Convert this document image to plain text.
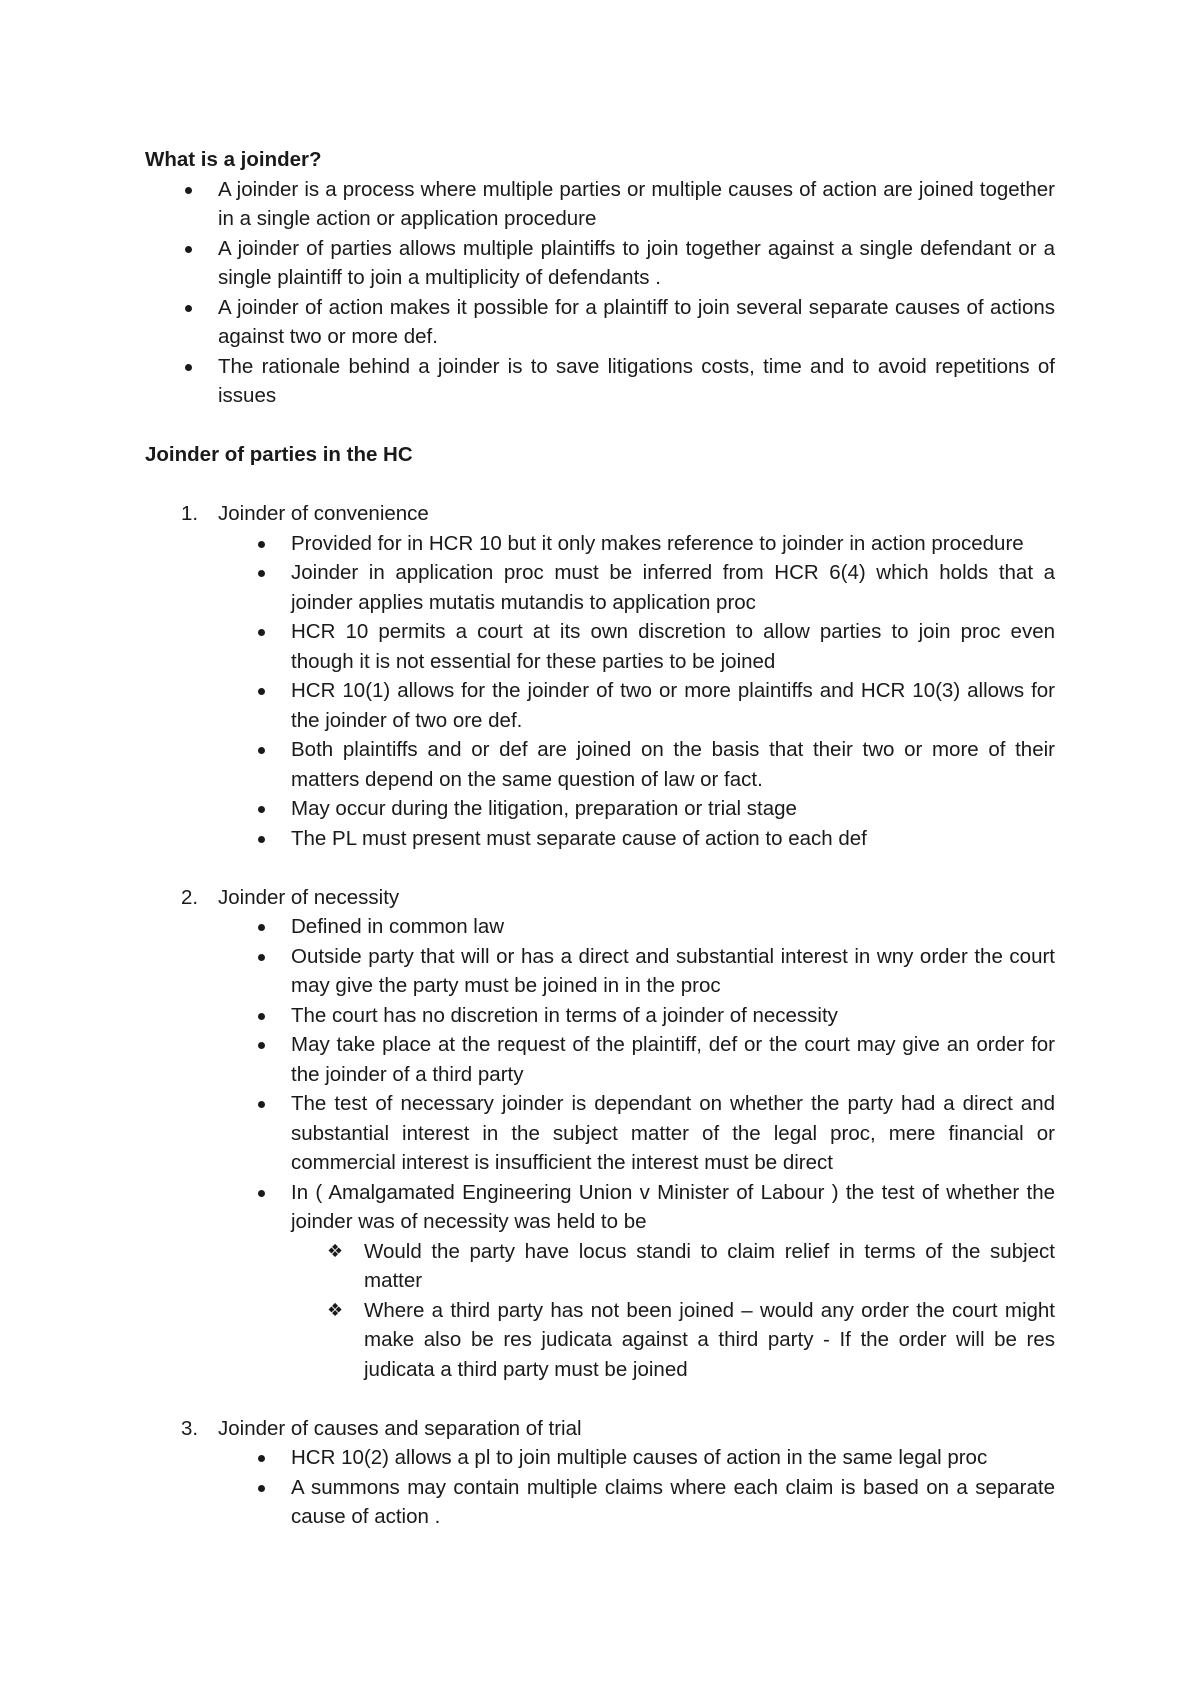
What is a joinder?
A joinder is a process where multiple parties or multiple causes of action are joined together in a single action or application procedure
A joinder of parties allows multiple plaintiffs to join together against a single defendant or a single plaintiff to join a multiplicity of defendants .
A joinder of action makes it possible for a plaintiff to join several separate causes of actions against two or more def.
The rationale behind a joinder is to save litigations costs, time and to avoid repetitions of issues
Joinder of parties in the HC
1. Joinder of convenience
Provided for in HCR 10 but it only makes reference to joinder in action procedure
Joinder in application proc must be inferred from HCR 6(4) which holds that a joinder applies mutatis mutandis to application proc
HCR 10 permits a court at its own discretion to allow parties to join proc even though it is not essential for these parties to be joined
HCR 10(1) allows for the joinder of two or more plaintiffs and HCR 10(3) allows for the joinder of two ore def.
Both plaintiffs and or def are joined on the basis that their two or more of their matters depend on the same question of law or fact.
May occur during the litigation, preparation or trial stage
The PL must present must separate cause of action to each def
2. Joinder of necessity
Defined in common law
Outside party that will or has a direct and substantial interest in wny order the court may give the party must be joined in in the proc
The court has no discretion in terms of a joinder of necessity
May take place at the request of the plaintiff, def or the court may give an order for the joinder of a third party
The test of necessary joinder is dependant on whether the party had a direct and substantial interest in the subject matter of the legal proc, mere financial or commercial interest is insufficient the interest must be direct
In ( Amalgamated Engineering Union v Minister of Labour ) the test of whether the joinder was of necessity was held to be
❖ Would the party have locus standi to claim relief in terms of the subject matter
❖ Where a third party has not been joined – would any order the court might make also be res judicata against a third party - If the order will be res judicata a third party must be joined
3. Joinder of causes and separation of trial
HCR 10(2) allows a pl to join multiple causes of action in the same legal proc
A summons may contain multiple claims where each claim is based on a separate cause of action .
